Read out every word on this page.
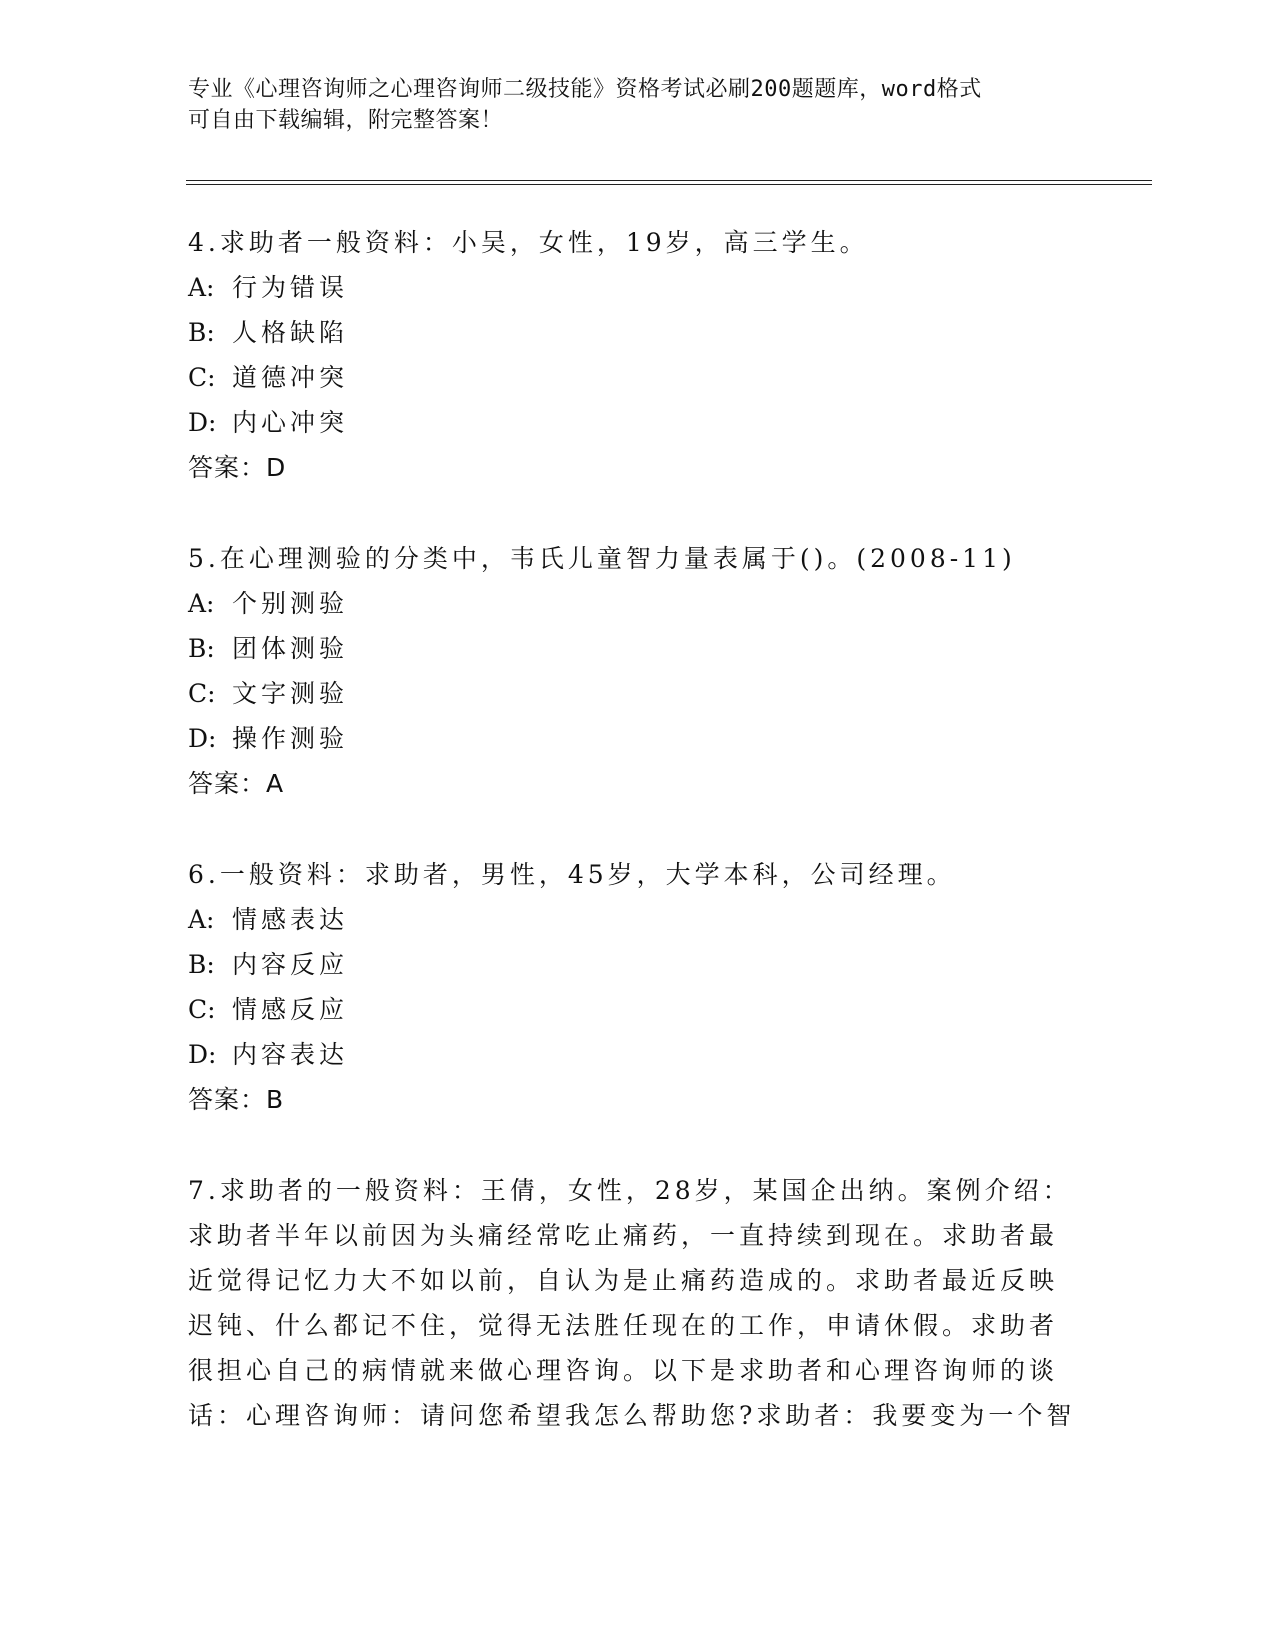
专业《心理咨询师之心理咨询师二级技能》资格考试必刷200题题库，word格式
可自由下载编辑，附完整答案！
4.求助者一般资料：小吴，女性，19岁，高三学生。
A: 行为错误
B: 人格缺陷
C: 道德冲突
D: 内心冲突
答案：D
5.在心理测验的分类中，韦氏儿童智力量表属于()。(2008-11)
A: 个别测验
B: 团体测验
C: 文字测验
D: 操作测验
答案：A
6.一般资料：求助者，男性，45岁，大学本科，公司经理。
A: 情感表达
B: 内容反应
C: 情感反应
D: 内容表达
答案：B
7.求助者的一般资料：王倩，女性，28岁，某国企出纳。案例介绍：
求助者半年以前因为头痛经常吃止痛药，一直持续到现在。求助者最
近觉得记忆力大不如以前，自认为是止痛药造成的。求助者最近反映
迟钝、什么都记不住，觉得无法胜任现在的工作，申请休假。求助者
很担心自己的病情就来做心理咨询。以下是求助者和心理咨询师的谈
话：心理咨询师：请问您希望我怎么帮助您?求助者：我要变为一个智
